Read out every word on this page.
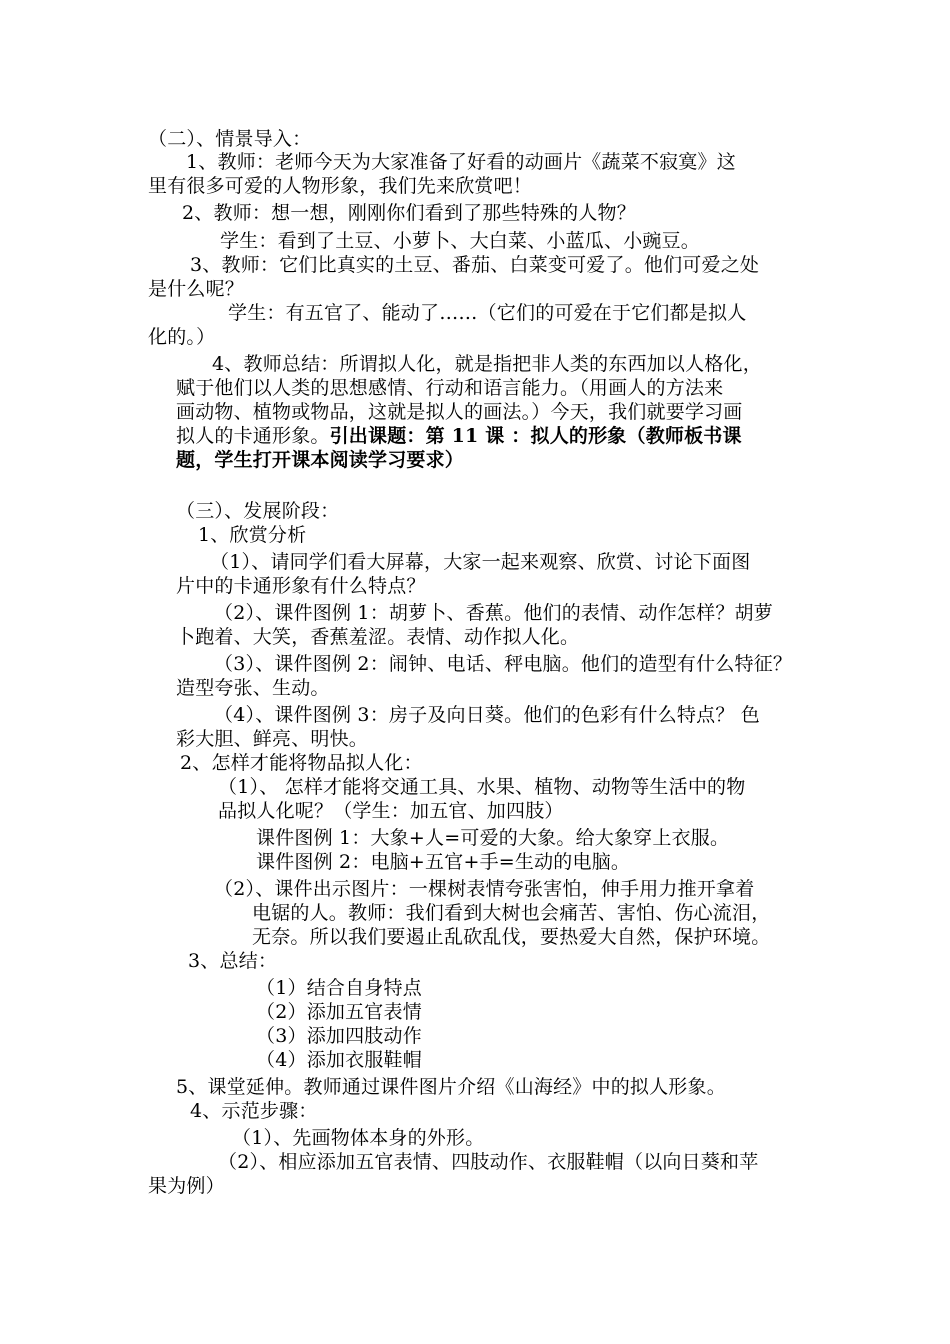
（二）、情景导入：
1、教师：老师今天为大家准备了好看的动画片《蔬菜不寂寞》这
里有很多可爱的人物形象，我们先来欣赏吧！
2、教师：想一想，刚刚你们看到了那些特殊的人物？
学生：看到了土豆、小萝卜、大白菜、小蓝瓜、小豌豆。
3、教师：它们比真实的土豆、番茄、白菜变可爱了。他们可爱之处
是什么呢？
学生：有五官了、能动了……（它们的可爱在于它们都是拟人
化的。）
4、教师总结：所谓拟人化，就是指把非人类的东西加以人格化，
赋于他们以人类的思想感情、行动和语言能力。（用画人的方法来
画动物、植物或物品，这就是拟人的画法。）今天，我们就要学习画
拟人的卡通形象。引出课题：第 11 课 ：拟人的形象（教师板书课
题，学生打开课本阅读学习要求）
（三）、发展阶段：
1、欣赏分析
（1）、请同学们看大屏幕，大家一起来观察、欣赏、讨论下面图
片中的卡通形象有什么特点？
（2）、课件图例 1：胡萝卜、香蕉。他们的表情、动作怎样？胡萝
卜跑着、大笑，香蕉羞涩。表情、动作拟人化。
（3）、课件图例 2：闹钟、电话、秤电脑。他们的造型有什么特征？
造型夸张、生动。
（4）、课件图例 3：房子及向日葵。他们的色彩有什么特点？ 色
彩大胆、鲜亮、明快。
2、怎样才能将物品拟人化：
（1）、 怎样才能将交通工具、水果、植物、动物等生活中的物
品拟人化呢？（学生：加五官、加四肢）
课件图例 1：大象+人=可爱的大象。给大象穿上衣服。
课件图例 2：电脑+五官+手=生动的电脑。
（2）、课件出示图片：一棵树表情夸张害怕，伸手用力推开拿着
电锯的人。教师：我们看到大树也会痛苦、害怕、伤心流泪，
无奈。所以我们要遏止乱砍乱伐，要热爱大自然，保护环境。
3、总结：
（1）结合自身特点
（2）添加五官表情
（3）添加四肢动作
（4）添加衣服鞋帽
5、课堂延伸。教师通过课件图片介绍《山海经》中的拟人形象。
4、示范步骤：
（1）、先画物体本身的外形。
（2）、相应添加五官表情、四肢动作、衣服鞋帽（以向日葵和苹
果为例）
